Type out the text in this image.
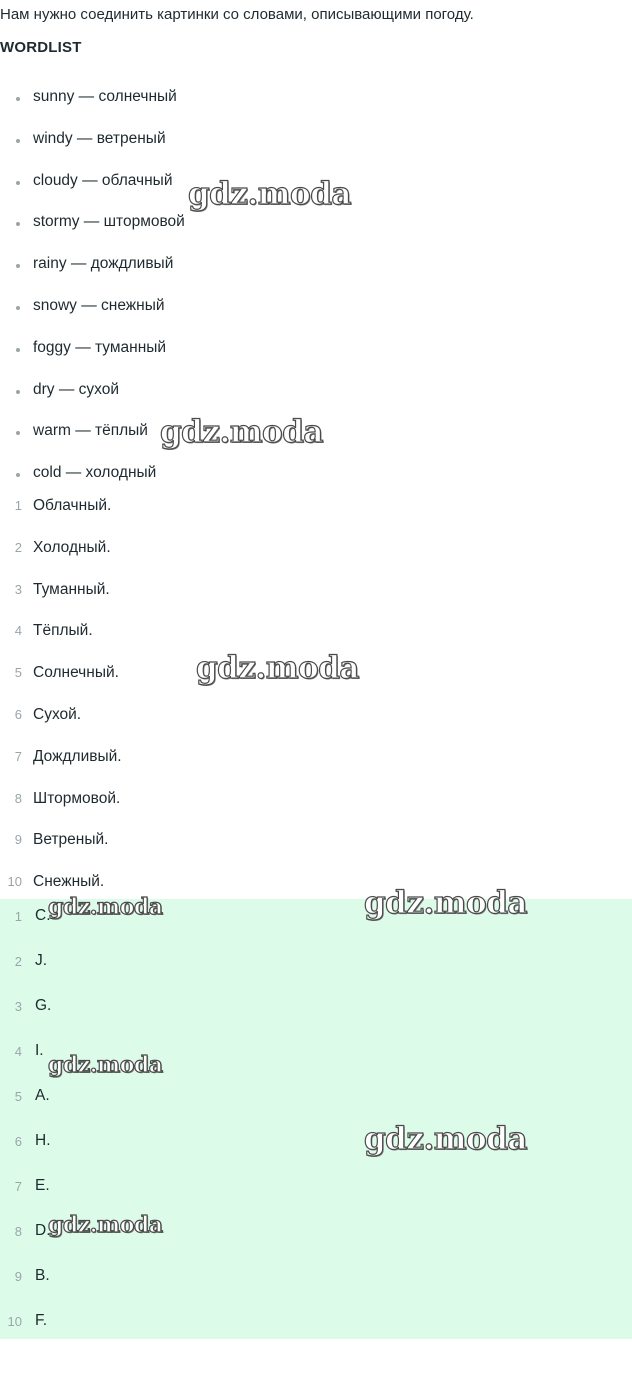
Нам нужно соединить картинки со словами, описывающими погоду.
WORDLIST
sunny — солнечный
windy — ветреный
cloudy — облачный
stormy — штормовой
rainy — дождливый
snowy — снежный
foggy — туманный
dry — сухой
warm — тёплый
cold — холодный
1 Облачный.
2 Холодный.
3 Туманный.
4 Тёплый.
5 Солнечный.
6 Сухой.
7 Дождливый.
8 Штормовой.
9 Ветреный.
10 Снежный.
1 C.
2 J.
3 G.
4 I.
5 A.
6 H.
7 E.
8 D.
9 B.
10 F.
gdz.moda
gdz.moda
gdz.moda
gdz.moda
gdz.moda
gdz.moda
gdz.moda
gdz.moda
